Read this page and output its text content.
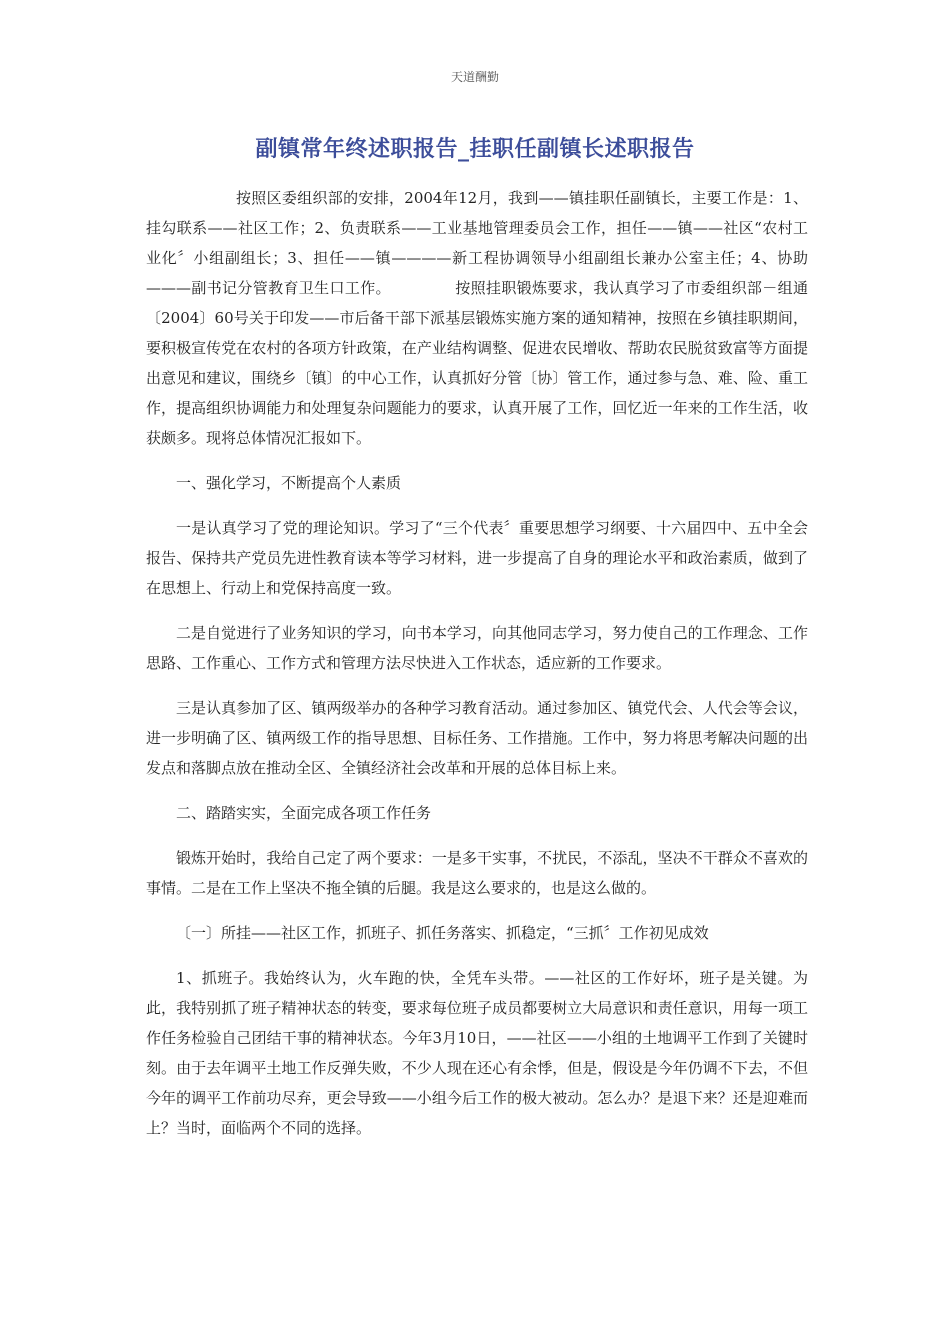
天道酬勤
副镇常年终述职报告_挂职任副镇长述职报告

按照区委组织部的安排，2004年12月，我到——镇挂职任副镇长，主要工作是：1、挂勾联系——社区工作；2、负责联系——工业基地管理委员会工作，担任——镇——社区“农村工业化〞小组副组长；3、担任——镇————新工程协调领导小组副组长兼办公室主任；4、协助———副书记分管教育卫生口工作。	按照挂职锻炼要求，我认真学习了市委组织部－组通〔2004〕60号关于印发——市后备干部下派基层锻炼实施方案的通知精神，按照在乡镇挂职期间，要积极宣传党在农村的各项方针政策，在产业结构调整、促进农民增收、帮助农民脱贫致富等方面提出意见和建议，围绕乡〔镇〕的中心工作，认真抓好分管〔协〕管工作，通过参与急、难、险、重工作，提高组织协调能力和处理复杂问题能力的要求，认真开展了工作，回忆近一年来的工作生活，收获颇多。现将总体情况汇报如下。

一、强化学习，不断提高个人素质

一是认真学习了党的理论知识。学习了“三个代表〞重要思想学习纲要、十六届四中、五中全会报告、保持共产党员先进性教育读本等学习材料，进一步提高了自身的理论水平和政治素质，做到了在思想上、行动上和党保持高度一致。

二是自觉进行了业务知识的学习，向书本学习，向其他同志学习，努力使自己的工作理念、工作思路、工作重心、工作方式和管理方法尽快进入工作状态，适应新的工作要求。

三是认真参加了区、镇两级举办的各种学习教育活动。通过参加区、镇党代会、人代会等会议，进一步明确了区、镇两级工作的指导思想、目标任务、工作措施。工作中，努力将思考解决问题的出发点和落脚点放在推动全区、全镇经济社会改革和开展的总体目标上来。

二、踏踏实实，全面完成各项工作任务

锻炼开始时，我给自己定了两个要求：一是多干实事，不扰民，不添乱，坚决不干群众不喜欢的事情。二是在工作上坚决不拖全镇的后腿。我是这么要求的，也是这么做的。

〔一〕所挂——社区工作，抓班子、抓任务落实、抓稳定，“三抓〞工作初见成效

1、抓班子。我始终认为，火车跑的快，全凭车头带。——社区的工作好坏，班子是关键。为此，我特别抓了班子精神状态的转变，要求每位班子成员都要树立大局意识和责任意识，用每一项工作任务检验自己团结干事的精神状态。今年3月10日，——社区——小组的土地调平工作到了关键时刻。由于去年调平土地工作反弹失败，不少人现在还心有余悸，但是，假设是今年仍调不下去，不但今年的调平工作前功尽弃，更会导致——小组今后工作的极大被动。怎么办？是退下来？还是迎难而上？当时，面临两个不同的选择。
